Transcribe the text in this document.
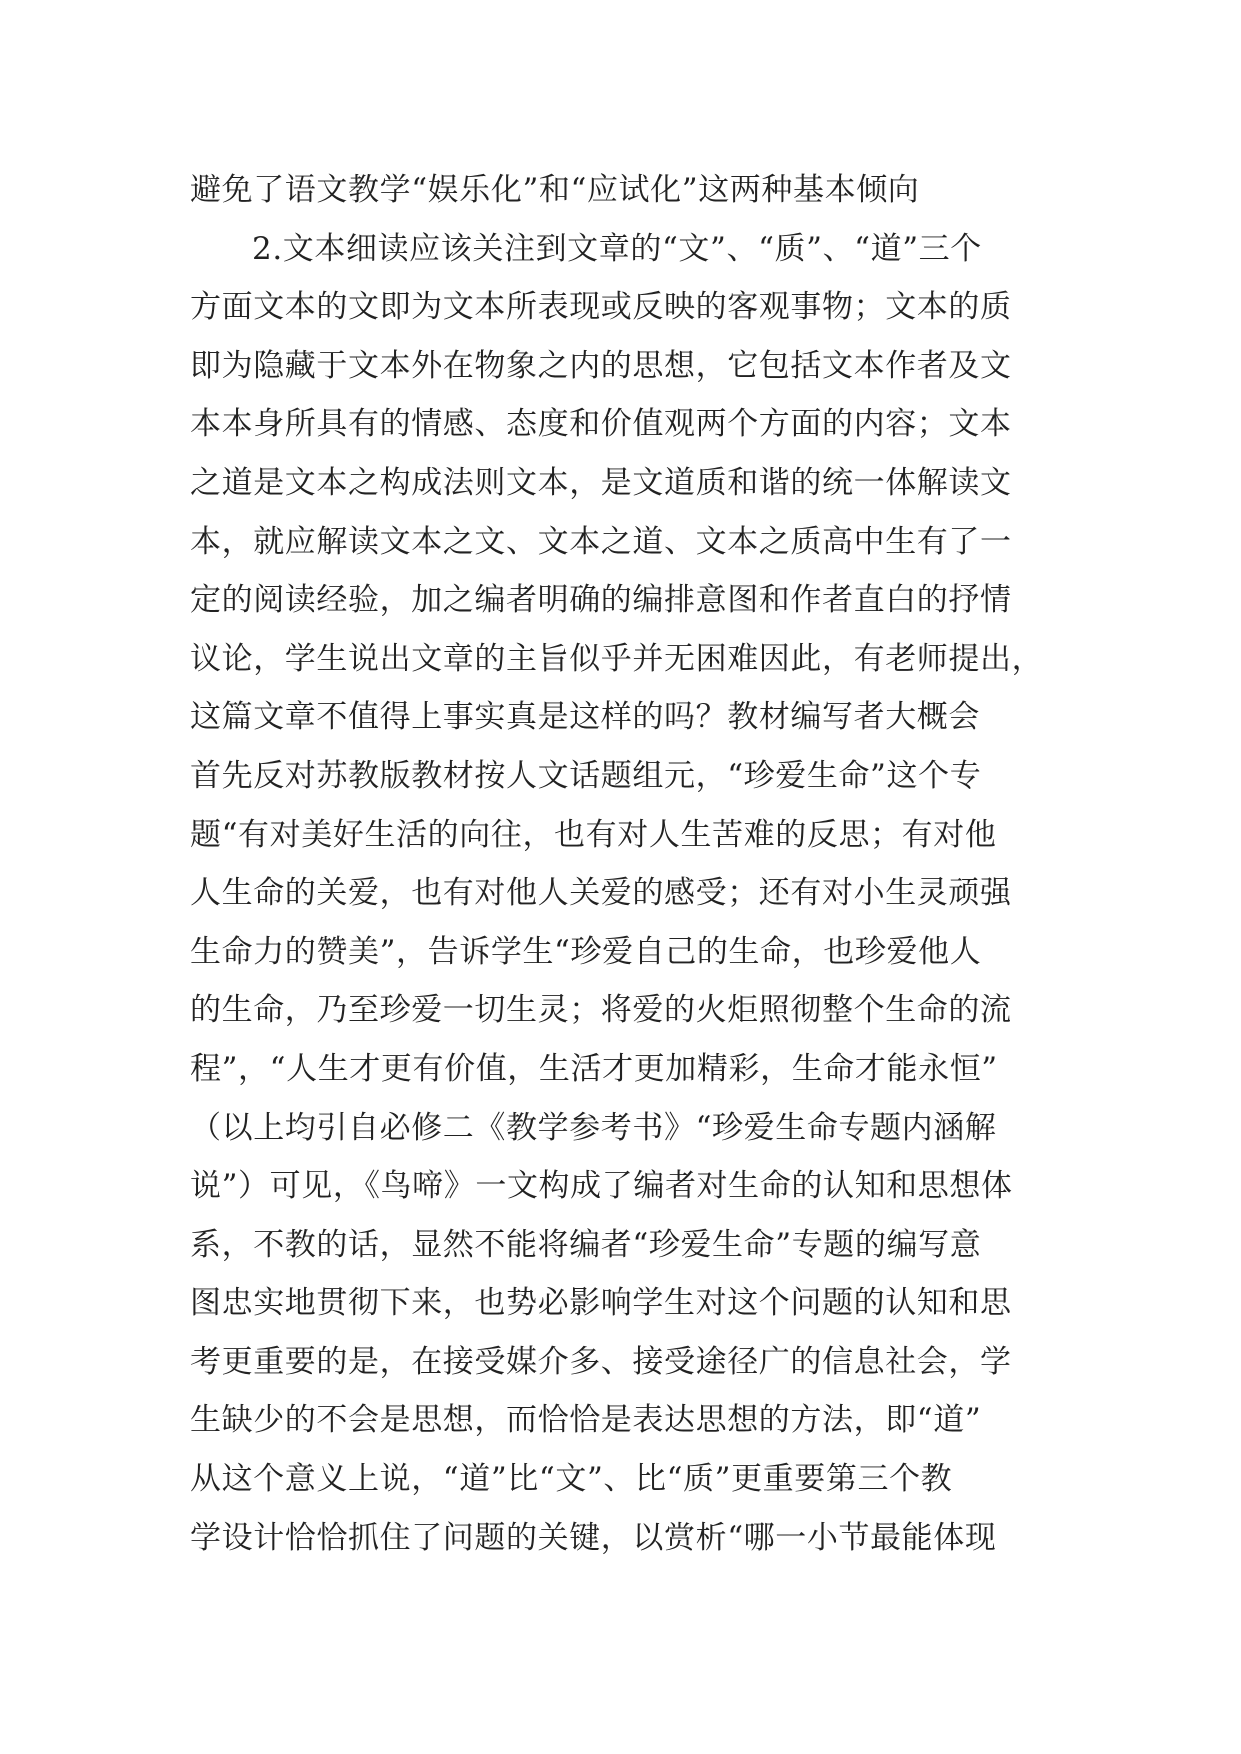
避免了语文教学“娱乐化”和“应试化”这两种基本倾向
2.文本细读应该关注到文章的“文”、“质”、“道”三个
方面文本的文即为文本所表现或反映的客观事物；文本的质
即为隐藏于文本外在物象之内的思想，它包括文本作者及文
本本身所具有的情感、态度和价值观两个方面的内容；文本
之道是文本之构成法则文本，是文道质和谐的统一体解读文
本，就应解读文本之文、文本之道、文本之质高中生有了一
定的阅读经验，加之编者明确的编排意图和作者直白的抒情
议论，学生说出文章的主旨似乎并无困难因此，有老师提出，
这篇文章不值得上事实真是这样的吗？教材编写者大概会
首先反对苏教版教材按人文话题组元，“珍爱生命”这个专
题“有对美好生活的向往，也有对人生苦难的反思；有对他
人生命的关爱，也有对他人关爱的感受；还有对小生灵顽强
生命力的赞美”，告诉学生“珍爱自己的生命，也珍爱他人
的生命，乃至珍爱一切生灵；将爱的火炬照彻整个生命的流
程”，“人生才更有价值，生活才更加精彩，生命才能永恒”
（以上均引自必修二《教学参考书》“珍爱生命专题内涵解
说”）可见，《鸟啼》一文构成了编者对生命的认知和思想体
系，不教的话，显然不能将编者“珍爱生命”专题的编写意
图忠实地贯彻下来，也势必影响学生对这个问题的认知和思
考更重要的是，在接受媒介多、接受途径广的信息社会，学
生缺少的不会是思想，而恰恰是表达思想的方法，即“道”
从这个意义上说，“道”比“文”、比“质”更重要第三个教
学设计恰恰抓住了问题的关键，以赏析“哪一小节最能体现
